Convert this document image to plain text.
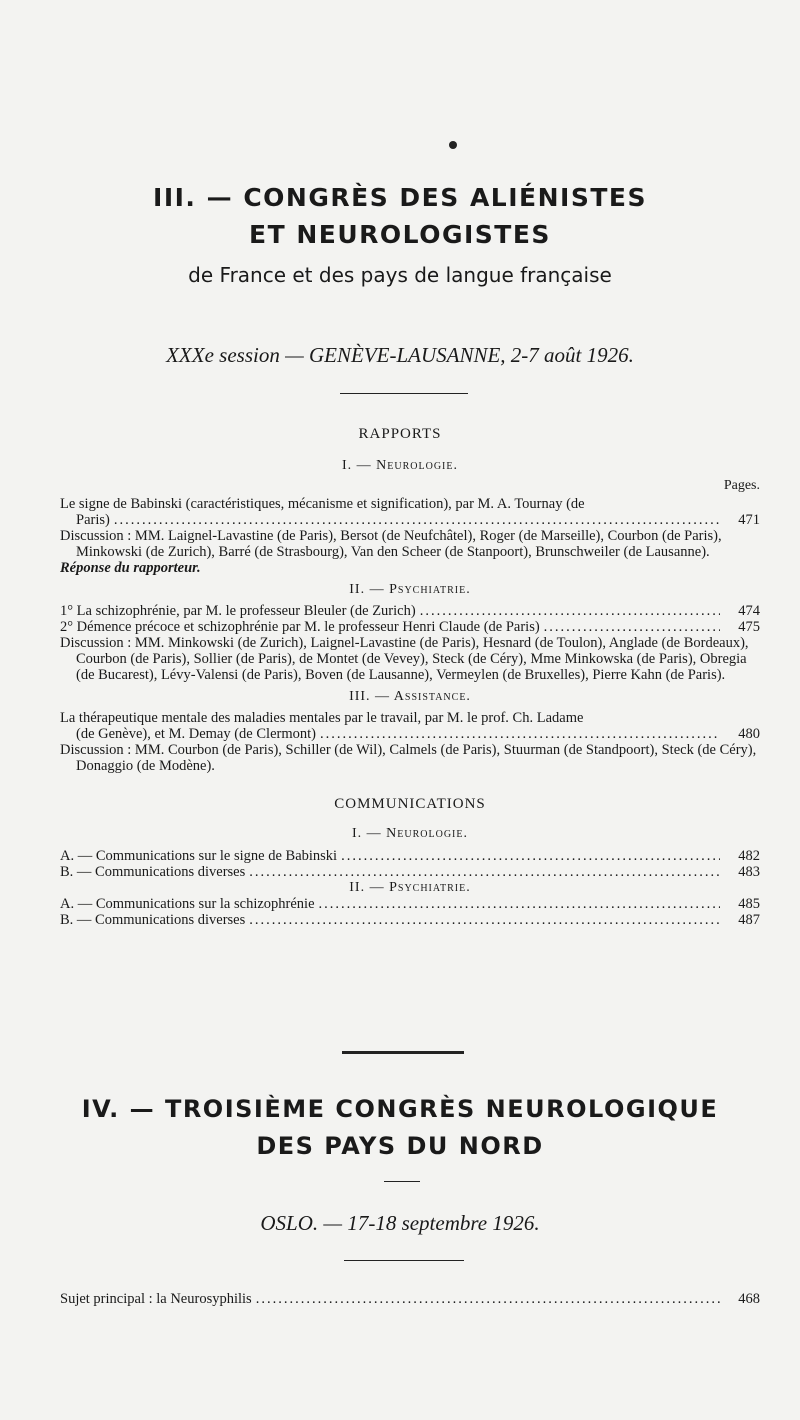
III. — CONGRÈS DES ALIÉNISTES
ET NEUROLOGISTES
de France et des pays de langue française
XXXe session — GENÈVE-LAUSANNE, 2-7 août 1926.
RAPPORTS
I. — Neurologie.
Pages.
Le signe de Babinski (caractéristiques, mécanisme et signification), par M. A. Tournay (de
Paris) .....	471
Discussion : MM. Laignel-Lavastine (de Paris), Bersot (de Neufchâtel), Roger (de Marseille), Courbon (de Paris), Minkowski (de Zurich), Barré (de Strasbourg), Van den Scheer (de Stanpoort), Brunschweiler (de Lausanne).
Réponse du rapporteur.
II. — Psychiatrie.
1° La schizophrénie, par M. le professeur Bleuler (de Zurich) .....	474
2° Démence précoce et schizophrénie par M. le professeur Henri Claude (de Paris) .....	475
Discussion : MM. Minkowski (de Zurich), Laignel-Lavastine (de Paris), Hesnard (de Toulon), Anglade (de Bordeaux), Courbon (de Paris), Sollier (de Paris), de Montet (de Vevey), Steck (de Céry), Mme Minkowska (de Paris), Obregia (de Bucarest), Lévy-Valensi (de Paris), Boven (de Lausanne), Vermeylen (de Bruxelles), Pierre Kahn (de Paris).
III. — Assistance.
La thérapeutique mentale des maladies mentales par le travail, par M. le prof. Ch. Ladame
(de Genève), et M. Demay (de Clermont) .....	480
Discussion : MM. Courbon (de Paris), Schiller (de Wil), Calmels (de Paris), Stuurman (de Standpoort), Steck (de Céry), Donaggio (de Modène).
COMMUNICATIONS
I. — Neurologie.
A. — Communications sur le signe de Babinski .....	482
B. — Communications diverses .....	483
II. — Psychiatrie.
A. — Communications sur la schizophrénie .....	485
B. — Communications diverses .....	487
IV. — TROISIÈME CONGRÈS NEUROLOGIQUE
DES PAYS DU NORD
OSLO. — 17-18 septembre 1926.
Sujet principal : la Neurosyphilis .....	468
